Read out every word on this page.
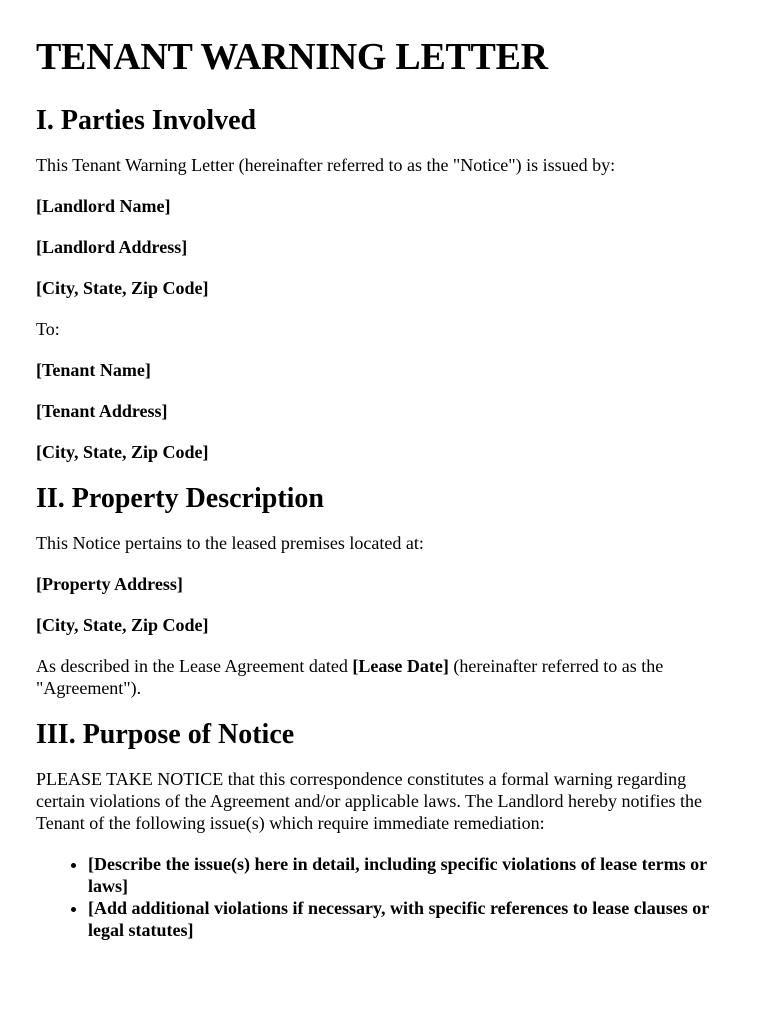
TENANT WARNING LETTER
I. Parties Involved

This Tenant Warning Letter (hereinafter referred to as the "Notice") is issued by:

[Landlord Name]

[Landlord Address]

[City, State, Zip Code]

To:

[Tenant Name]

[Tenant Address]

[City, State, Zip Code]

II. Property Description

This Notice pertains to the leased premises located at:

[Property Address]

[City, State, Zip Code]

As described in the Lease Agreement dated [Lease Date] (hereinafter referred to as the "Agreement").

III. Purpose of Notice

PLEASE TAKE NOTICE that this correspondence constitutes a formal warning regarding certain violations of the Agreement and/or applicable laws. The Landlord hereby notifies the Tenant of the following issue(s) which require immediate remediation:

• [Describe the issue(s) here in detail, including specific violations of lease terms or laws]
• [Add additional violations if necessary, with specific references to lease clauses or legal statutes]
